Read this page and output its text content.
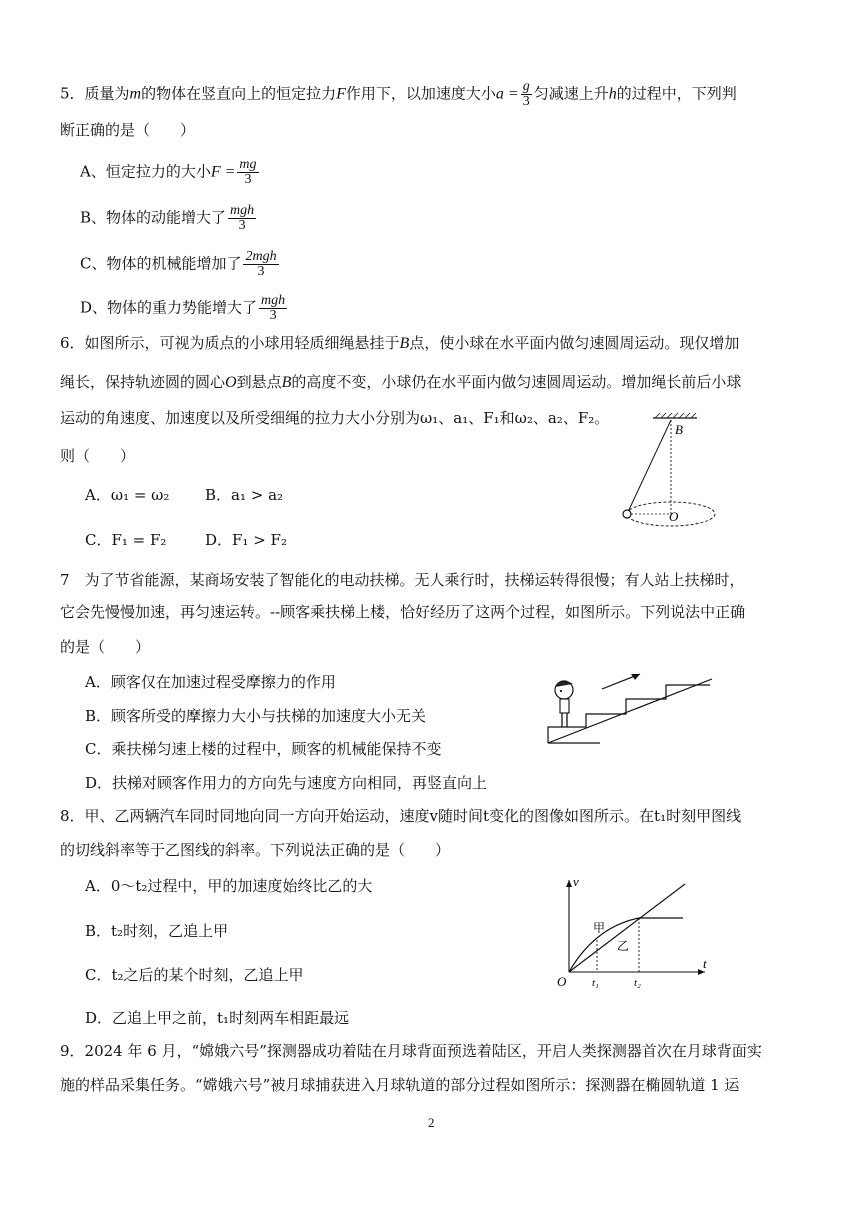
5．质量为m的物体在竖直向上的恒定拉力F作用下，以加速度大小$a = \frac{g}{3}$ 匀减速上升h的过程中，下列判
断正确的是（　　）
A、恒定拉力的大小$F = \frac{mg}{3}$
B、物体的动能增大了 $\frac{\text{mgh}}{3}$
C、物体的机械能增加了 $\frac{\text{2mgh}}{3}$
D、物体的重力势能增大了 $\frac{\text{mgh}}{3}$
6．如图所示，可视为质点的小球用轻质细绳悬挂于B点，使小球在水平面内做匀速圆周运动。现仅增加
绳长，保持轨迹圆的圆心O到悬点B的高度不变，小球仍在水平面内做匀速圆周运动。增加绳长前后小球
运动的角速度、加速度以及所受细绳的拉力大小分别为ω₁、a₁、F₁和ω₂、a₂、F₂。
则（　　）
A．ω₁ = ω₂ B．a₁ > a₂
C．F₁ = F₂	D．F₁ > F₂
B
O
7　为了节省能源，某商场安装了智能化的电动扶梯。无人乘行时，扶梯运转得很慢；有人站上扶梯时，
它会先慢慢加速，再匀速运转。--顾客乘扶梯上楼，恰好经历了这两个过程，如图所示。下列说法中正确
的是（　　）
A．顾客仅在加速过程受摩擦力的作用
B．顾客所受的摩擦力大小与扶梯的加速度大小无关
C．乘扶梯匀速上楼的过程中，顾客的机械能保持不变
D．扶梯对顾客作用力的方向先与速度方向相同，再竖直向上
8．甲、乙两辆汽车同时同地向同一方向开始运动，速度v随时间t变化的图像如图所示。在t₁时刻甲图线
的切线斜率等于乙图线的斜率。下列说法正确的是（　　）
A．0～t₂过程中，甲的加速度始终比乙的大
B．t₂时刻，乙追上甲
C．t₂之后的某个时刻，乙追上甲
D．乙追上甲之前，t₁时刻两车相距最远
v
t
O t₁	t₂
甲
乙
9．2024 年 6 月，“嫦娥六号”探测器成功着陆在月球背面预选着陆区，开启人类探测器首次在月球背面实
施的样品采集任务。“嫦娥六号”被月球捕获进入月球轨道的部分过程如图所示：探测器在椭圆轨道 1 运
2
